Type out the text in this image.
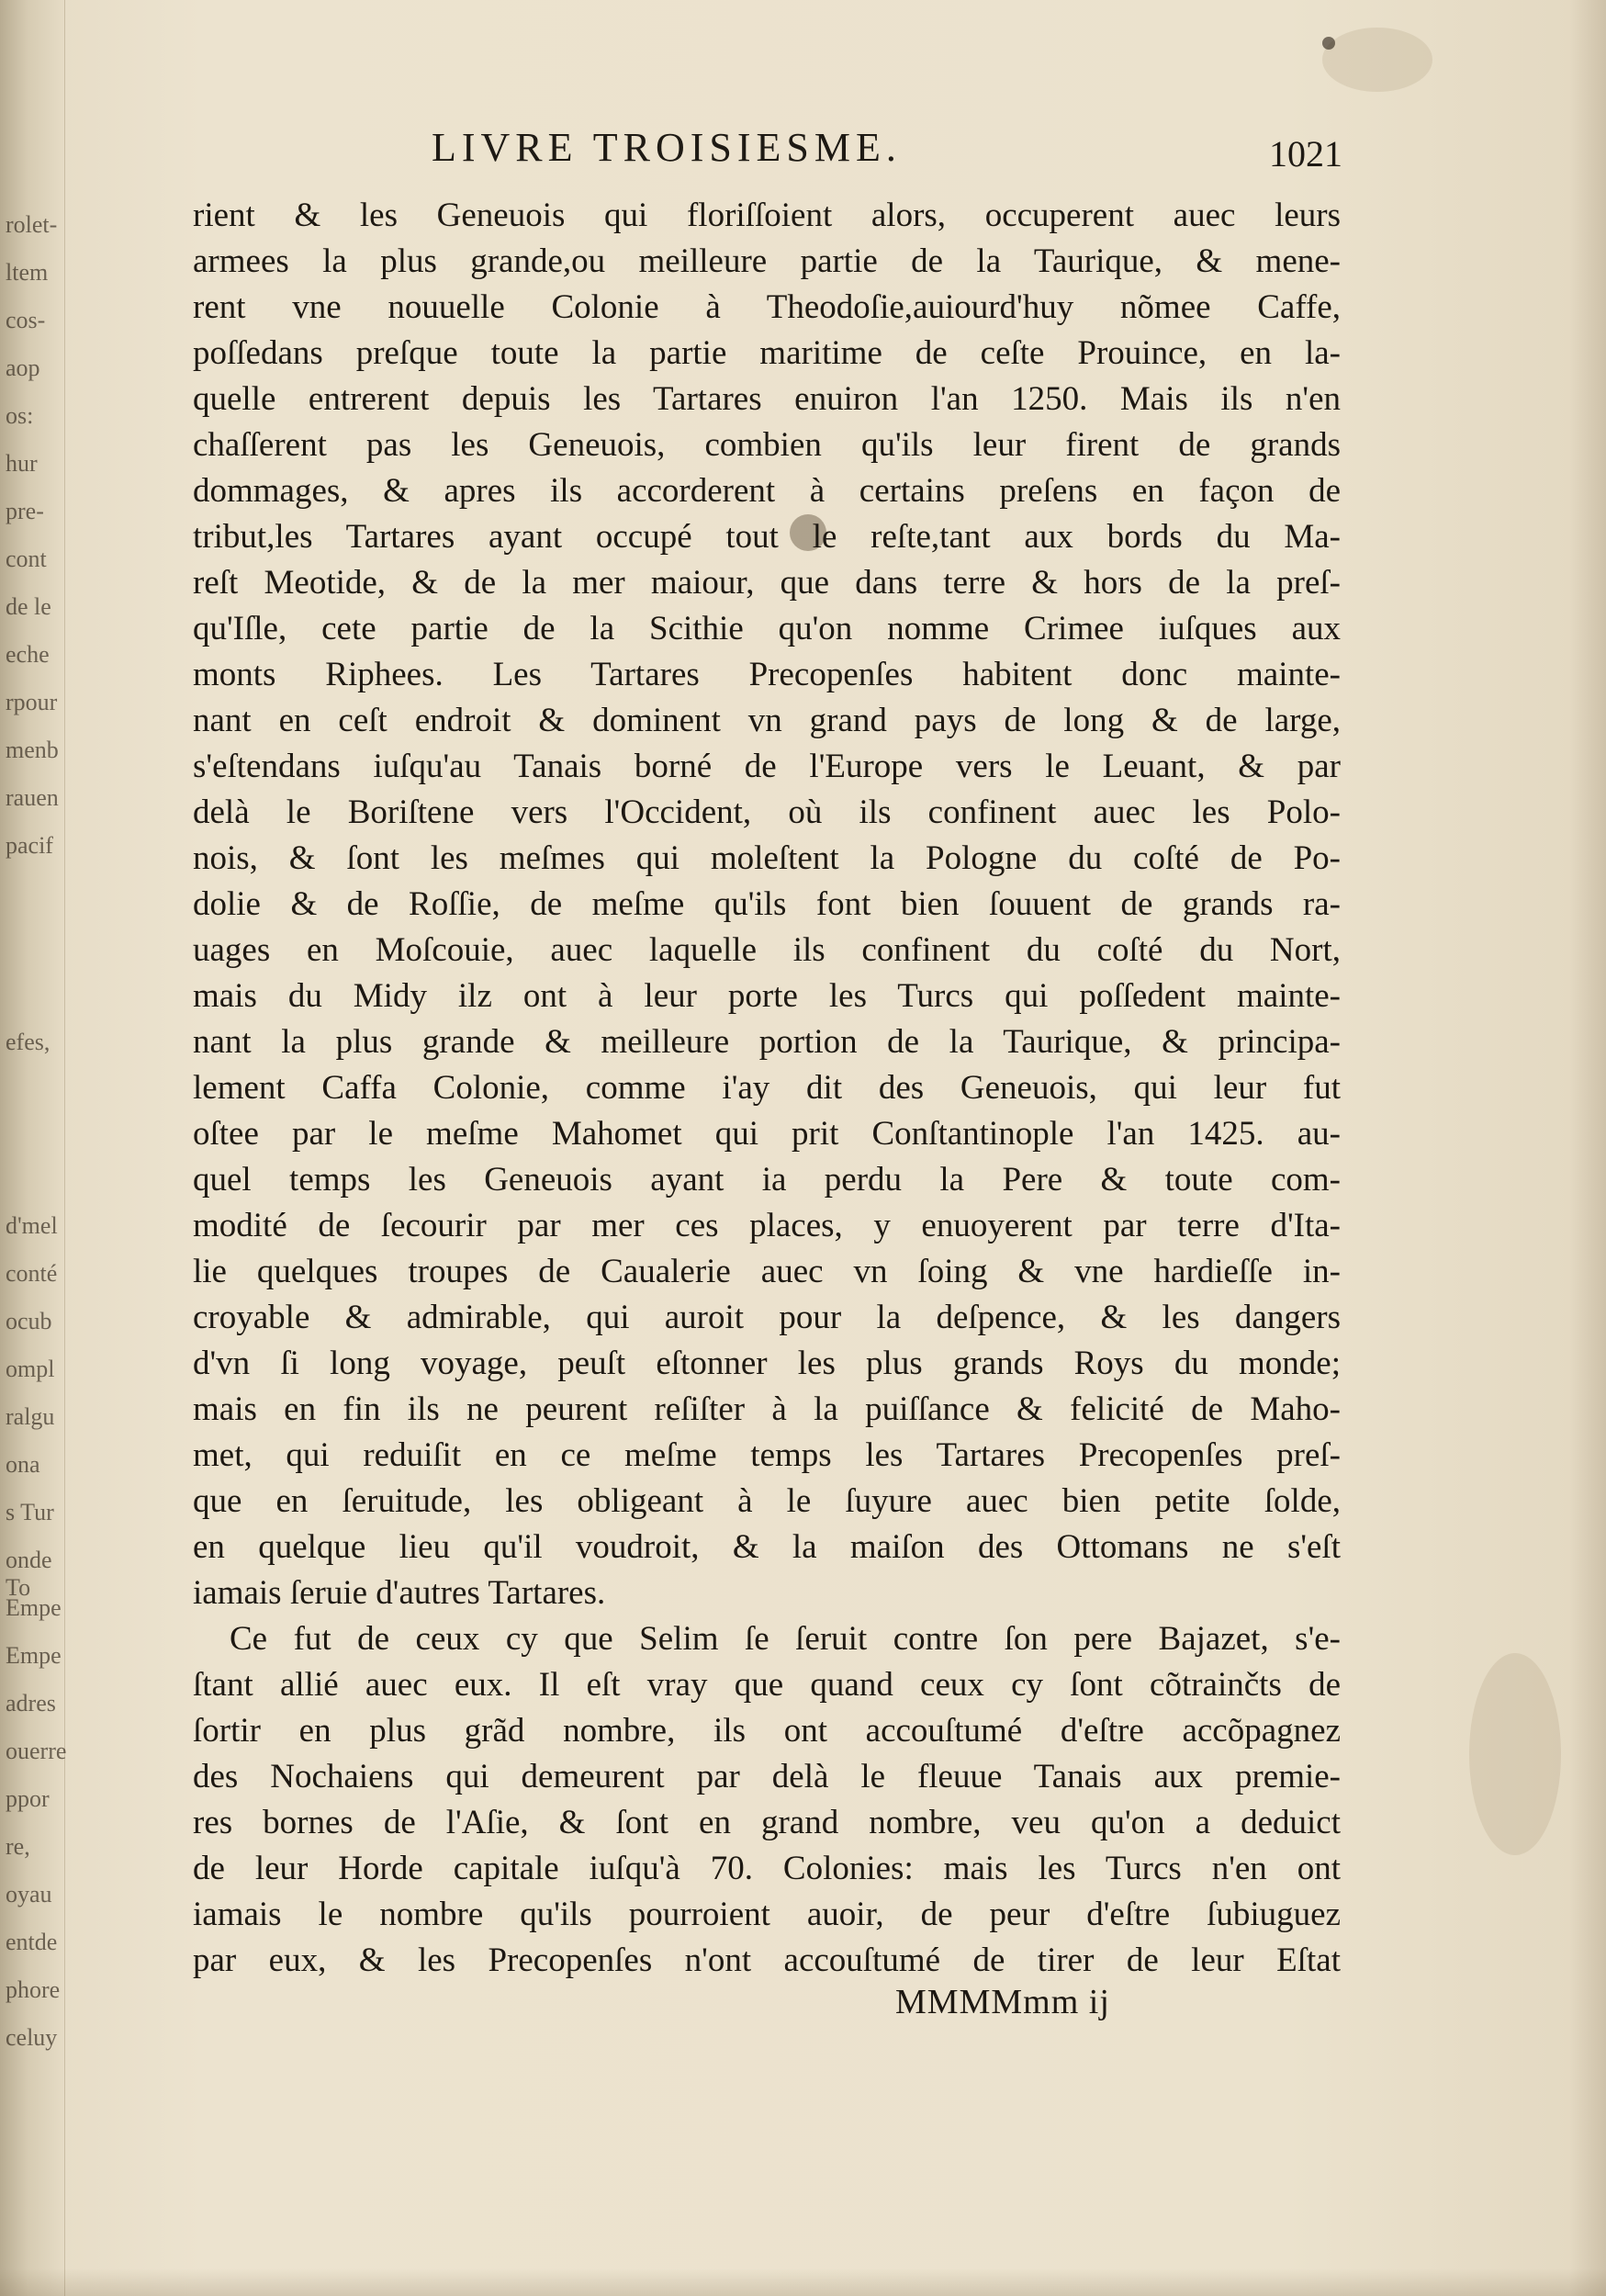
rolet-
ltem
cos-
aop
os:
hur
pre-
cont
de le
eche
rpour
menb
rauen
pacif
efes,
d'mel
conté
ocub
ompl
ralgu
ona
s Tur
onde To
Empe
Empe
adres
ouerre
ppor
re,
oyau
entde
phore
celuy
LIVRE TROISIESME.	1021
rient & les Geneuois qui floriſſoient alors, occuperent auec leurs
armees la plus grande,ou meilleure partie de la Taurique, & mene-
rent vne nouuelle Colonie à Theodoſie,auiourd'huy nõmee Caffe,
poſſedans preſque toute la partie maritime de ceſte Prouince, en la-
quelle entrerent depuis les Tartares enuiron l'an 1250. Mais ils n'en
chaſſerent pas les Geneuois, combien qu'ils leur firent de grands
dommages, & apres ils accorderent à certains preſens en façon de
tribut,les Tartares ayant occupé tout le reſte,tant aux bords du Ma-
reſt Meotide, & de la mer maiour, que dans terre & hors de la preſ-
qu'Iſle, cete partie de la Scithie qu'on nomme Crimee iuſques aux
monts Riphees. Les Tartares Precopenſes habitent donc mainte-
nant en ceſt endroit & dominent vn grand pays de long & de large,
s'eſtendans iuſqu'au Tanais borné de l'Europe vers le Leuant, & par
delà le Boriſtene vers l'Occident, où ils confinent auec les Polo-
nois, & ſont les meſmes qui moleſtent la Pologne du coſté de Po-
dolie & de Roſſie, de meſme qu'ils font bien ſouuent de grands ra-
uages en Moſcouie, auec laquelle ils confinent du coſté du Nort,
mais du Midy ilz ont à leur porte les Turcs qui poſſedent mainte-
nant la plus grande & meilleure portion de la Taurique, & principa-
lement Caffa Colonie, comme i'ay dit des Geneuois, qui leur fut
oſtee par le meſme Mahomet qui prit Conſtantinople l'an 1425. au-
quel temps les Geneuois ayant ia perdu la Pere & toute com-
modité de ſecourir par mer ces places, y enuoyerent par terre d'Ita-
lie quelques troupes de Caualerie auec vn ſoing & vne hardieſſe in-
croyable & admirable, qui auroit pour la deſpence, & les dangers
d'vn ſi long voyage, peuſt eſtonner les plus grands Roys du monde;
mais en fin ils ne peurent reſiſter à la puiſſance & felicité de Maho-
met, qui reduiſit en ce meſme temps les Tartares Precopenſes preſ-
que en ſeruitude, les obligeant à le ſuyure auec bien petite ſolde,
en quelque lieu qu'il voudroit, & la maiſon des Ottomans ne s'eſt
iamais ſeruie d'autres Tartares.
Ce fut de ceux cy que Selim ſe ſeruit contre ſon pere Bajazet, s'e-
ſtant allié auec eux. Il eſt vray que quand ceux cy ſont cõtrainčts de
ſortir en plus grãd nombre, ils ont accouſtumé d'eſtre accõpagnez
des Nochaiens qui demeurent par delà le fleuue Tanais aux premie-
res bornes de l'Aſie, & ſont en grand nombre, veu qu'on a deduict
de leur Horde capitale iuſqu'à 70. Colonies: mais les Turcs n'en ont
iamais le nombre qu'ils pourroient auoir, de peur d'eſtre ſubiuguez
par eux, & les Precopenſes n'ont accouſtumé de tirer de leur Eſtat
MMMMmm ij
